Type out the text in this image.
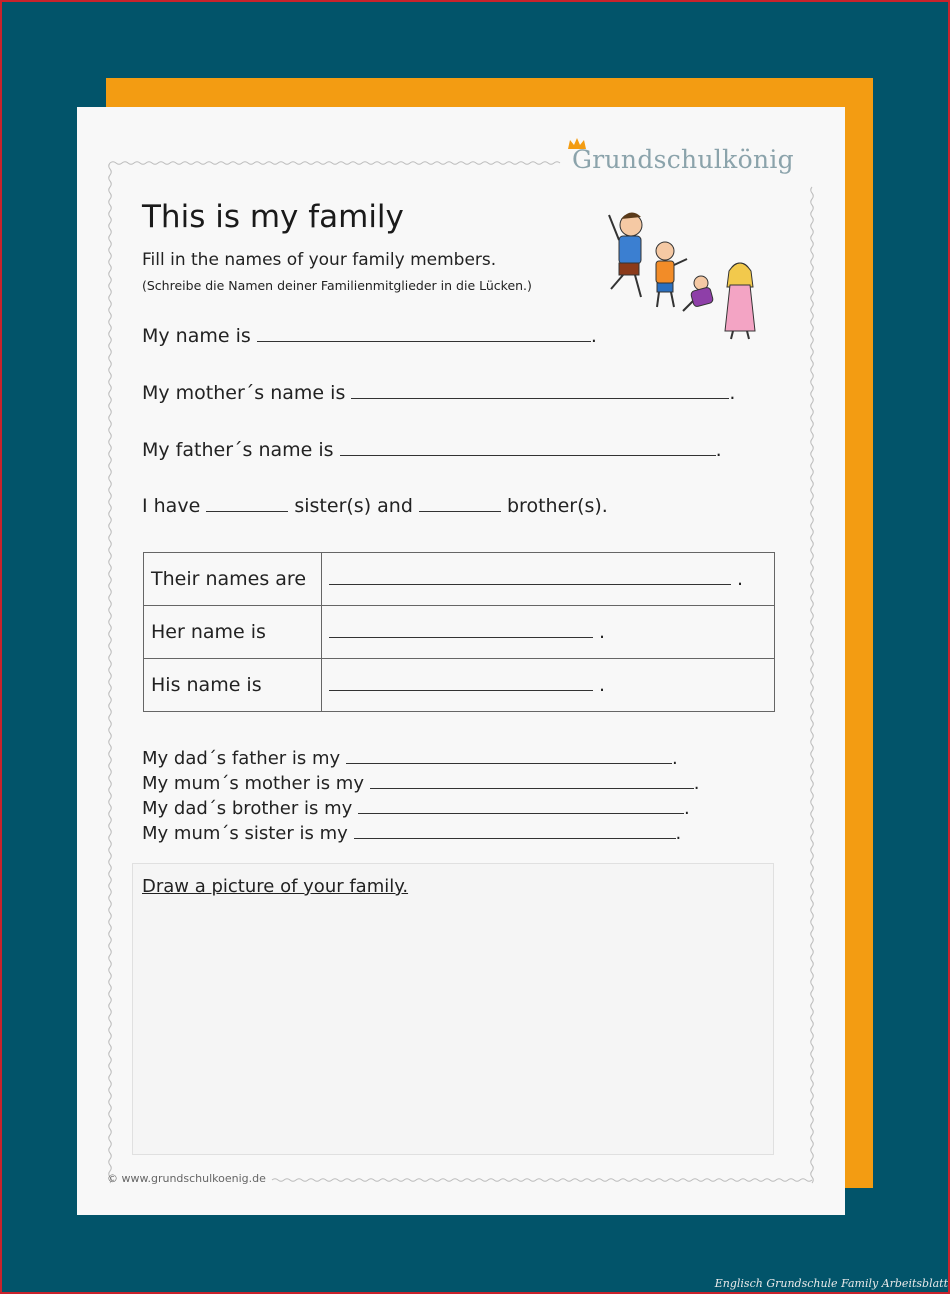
Grundschulkönig
This is my family
Fill in the names of your family members.
(Schreibe die Namen deiner Familienmitglieder in die Lücken.)
My name is	.
My mother´s name is	.
My father´s name is	.
I have	sister(s) and	brother(s).
Their names are	.
Her name is	.
His name is	.
My dad´s father is my	.
My mum´s mother is my	.
My dad´s brother is my	.
My mum´s sister is my	.
Draw a picture of your family.
© www.grundschulkoenig.de
Englisch Grundschule Family Arbeitsblatt
